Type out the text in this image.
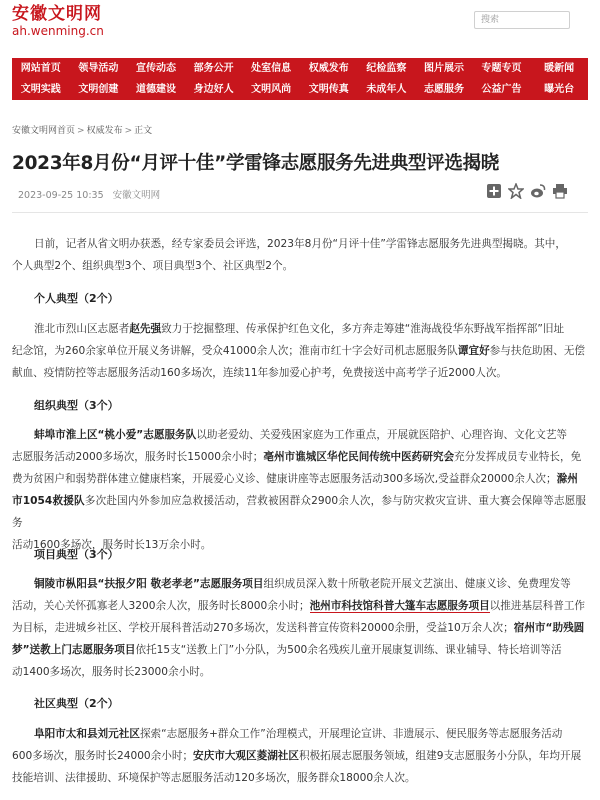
安徽文明网
ah.wenming.cn
搜索
网站首页	领导活动	宣传动态	部务公开	处室信息	权威发布	纪检监察	图片展示	专题专页	暖新闻
文明实践	文明创建	道德建设	身边好人	文明风尚	文明传真	未成年人	志愿服务	公益广告	曝光台
安徽文明网首页 > 权威发布 > 正文
2023年8月份“月评十佳”学雷锋志愿服务先进典型评选揭晓
2023-09-25 10:35 安徽文明网
日前，记者从省文明办获悉，经专家委员会评选，2023年8月份“月评十佳”学雷锋志愿服务先进典型揭晓。其中，
个人典型2个、组织典型3个、项目典型3个、社区典型2个。
个人典型（2个）
淮北市烈山区志愿者赵先强致力于挖掘整理、传承保护红色文化，多方奔走筹建“淮海战役华东野战军指挥部”旧址
纪念馆，为260余家单位开展义务讲解，受众41000余人次；淮南市红十字会好司机志愿服务队谭宜好参与扶危助困、无偿
献血、疫情防控等志愿服务活动160多场次，连续11年参加爱心护考，免费接送中高考学子近2000人次。
组织典型（3个）
蚌埠市淮上区“桃小爱”志愿服务队以助老爱幼、关爱残困家庭为工作重点，开展就医陪护、心理咨询、文化文艺等
志愿服务活动2000多场次，服务时长15000余小时；亳州市谯城区华佗民间传统中医药研究会充分发挥成员专业特长，免
费为贫困户和弱势群体建立健康档案，开展爱心义诊、健康讲座等志愿服务活动300多场次,受益群众20000余人次；滁州
市1054救援队多次赴国内外参加应急救援活动，营救被困群众2900余人次，参与防灾救灾宣讲、重大赛会保障等志愿服务
活动1600多场次，服务时长13万余小时。
项目典型（3个）
铜陵市枞阳县“扶报夕阳 敬老孝老”志愿服务项目组织成员深入数十所敬老院开展文艺演出、健康义诊、免费理发等
活动，关心关怀孤寡老人3200余人次，服务时长8000余小时；池州市科技馆科普大篷车志愿服务项目以推进基层科普工作
为目标，走进城乡社区、学校开展科普活动270多场次，发送科普宣传资料20000余册，受益10万余人次；宿州市“助残圆
梦”送教上门志愿服务项目依托15支“送教上门”小分队，为500余名残疾儿童开展康复训练、课业辅导、特长培训等活
动1400多场次，服务时长23000余小时。
社区典型（2个）
阜阳市太和县刘元社区探索“志愿服务+群众工作”治理模式，开展理论宣讲、非遗展示、便民服务等志愿服务活动
600多场次，服务时长24000余小时；安庆市大观区菱湖社区积极拓展志愿服务领域，组建9支志愿服务小分队，年均开展
技能培训、法律援助、环境保护等志愿服务活动120多场次，服务群众18000余人次。
